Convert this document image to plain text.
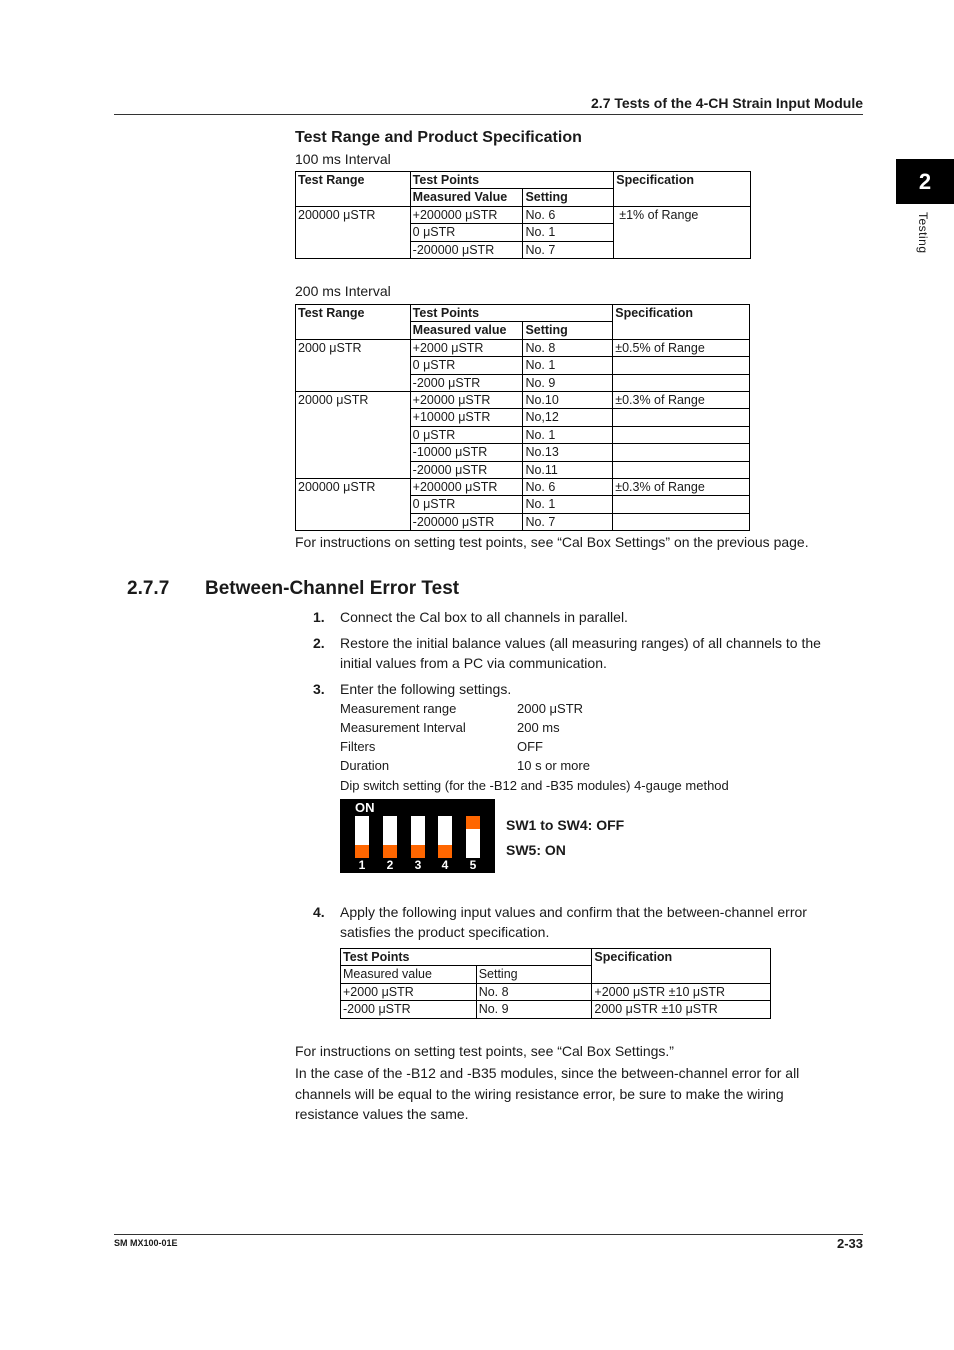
2.7 Tests of the 4-CH Strain Input Module
2
Testing
Test Range and Product Specification
100 ms Interval
Test Range	Test Points		Specification
	Measured Value	Setting	
200000 μSTR	+200000 μSTR	No. 6	±1% of Range
	0 μSTR	No. 1	
	-200000 μSTR	No. 7	
200 ms Interval
Test Range	Test Points		Specification
	Measured value	Setting	
2000 μSTR	+2000 μSTR	No. 8	±0.5% of Range
	0 μSTR	No. 1	
	-2000 μSTR	No. 9	
20000 μSTR	+20000 μSTR	No.10	±0.3% of Range
	+10000 μSTR	No,12	
	0 μSTR	No. 1	
	-10000 μSTR	No.13	
	-20000 μSTR	No.11	
200000 μSTR	+200000 μSTR	No. 6	±0.3% of Range
	0 μSTR	No. 1	
	-200000 μSTR	No. 7	
For instructions on setting test points, see “Cal Box Settings” on the previous page.
2.7.7 Between-Channel Error Test
1. Connect the Cal box to all channels in parallel.
2. Restore the initial balance values (all measuring ranges) of all channels to the initial values from a PC via communication.
3. Enter the following settings.
Measurement range	2000 μSTR
Measurement Interval	200 ms
Filters	OFF
Duration	10 s or more
Dip switch setting (for the -B12 and -B35 modules) 4-gauge method
ON
1	2	3	4	5
SW1 to SW4: OFF
SW5: ON
4. Apply the following input values and confirm that the between-channel error satisfies the product specification.
Test Points		Specification
Measured value	Setting	
+2000 μSTR	No. 8	+2000 μSTR ±10 μSTR
-2000 μSTR	No. 9	2000 μSTR ±10 μSTR
For instructions on setting test points, see “Cal Box Settings.”
In the case of the -B12 and -B35 modules, since the between-channel error for all channels will be equal to the wiring resistance error, be sure to make the wiring resistance values the same.
SM MX100-01E	2-33
